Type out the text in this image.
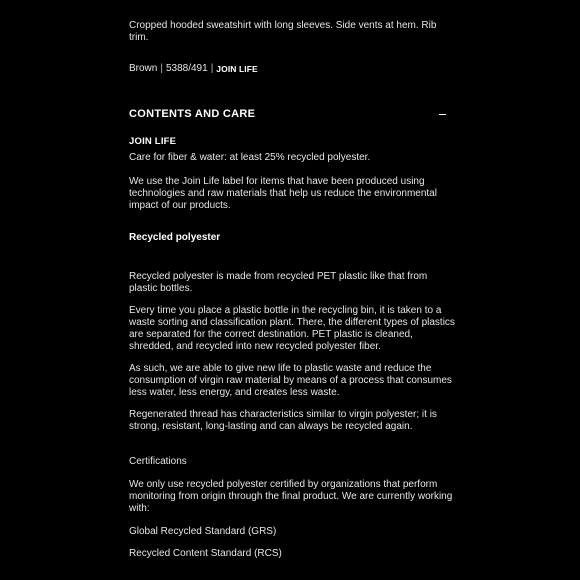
Cropped hooded sweatshirt with long sleeves. Side vents at hem. Rib trim.

Brown | 5388/491 | JOIN LIFE
CONTENTS AND CARE
JOIN LIFE

Care for fiber & water: at least 25% recycled polyester.

We use the Join Life label for items that have been produced using technologies and raw materials that help us reduce the environmental impact of our products.

Recycled polyester

Recycled polyester is made from recycled PET plastic like that from plastic bottles.

Every time you place a plastic bottle in the recycling bin, it is taken to a waste sorting and classification plant. There, the different types of plastics are separated for the correct destination. PET plastic is cleaned, shredded, and recycled into new recycled polyester fiber.

As such, we are able to give new life to plastic waste and reduce the consumption of virgin raw material by means of a process that consumes less water, less energy, and creates less waste.

Regenerated thread has characteristics similar to virgin polyester; it is strong, resistant, long-lasting and can always be recycled again.

Certifications

We only use recycled polyester certified by organizations that perform monitoring from origin through the final product. We are currently working with:

Global Recycled Standard (GRS)

Recycled Content Standard (RCS)
